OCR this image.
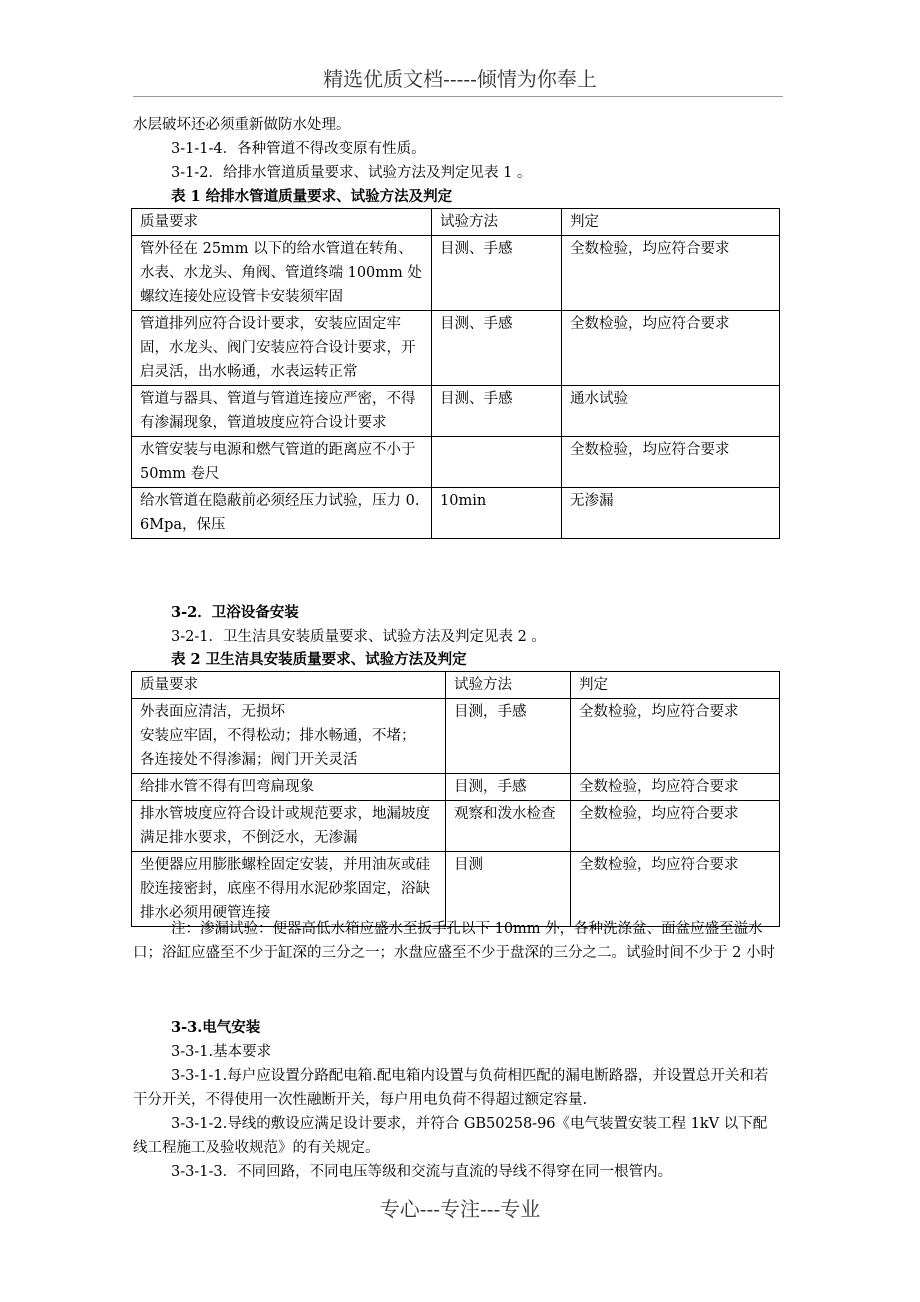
精选优质文档-----倾情为你奉上

水层破坏还必须重新做防水处理。

3-1-1-4．各种管道不得改变原有性质。

3-1-2．给排水管道质量要求、试验方法及判定见表 1 。

表 1 给排水管道质量要求、试验方法及判定
质量要求	试验方法	判定
管外径在 25mm 以下的给水管道在转角、水表、水龙头、角阀、管道终端 100mm 处螺纹连接处应设管卡安装须牢固	目测、手感	全数检验，均应符合要求
管道排列应符合设计要求，安装应固定牢固，水龙头、阀门安装应符合设计要求，开启灵活，出水畅通，水表运转正常	目测、手感	全数检验，均应符合要求
管道与器具、管道与管道连接应严密，不得有渗漏现象，管道坡度应符合设计要求	目测、手感	通水试验
水管安装与电源和燃气管道的距离应不小于 50mm 卷尺		全数检验，均应符合要求
给水管道在隐蔽前必须经压力试验，压力 0.6Mpa，保压	10min	无渗漏
3-2．卫浴设备安装

3-2-1．卫生洁具安装质量要求、试验方法及判定见表 2 。

表 2 卫生洁具安装质量要求、试验方法及判定
质量要求	试验方法	判定

外表面应清洁，无损坏
安装应牢固，不得松动；排水畅通，不堵；
各连接处不得渗漏；阀门开关灵活	目测，手感	全数检验，均应符合要求
给排水管不得有凹弯扁现象	目测，手感	全数检验，均应符合要求
排水管坡度应符合设计或规范要求，地漏坡度满足排水要求，不倒泛水，无渗漏	观察和泼水检查	全数检验，均应符合要求
坐便器应用膨胀螺栓固定安装，并用油灰或硅胶连接密封，底座不得用水泥砂浆固定，浴缺排水必须用硬管连接	目测	全数检验，均应符合要求

注：渗漏试验：便器高低水箱应盛水至扳手孔以下 10mm 外，各种洗涤盆、面盆应盛至溢水口；浴缸应盛至不少于缸深的三分之一；水盘应盛至不少于盘深的三分之二。试验时间不少于 2 小时

3-3.电气安装

3-3-1.基本要求

3-3-1-1.每户应设置分路配电箱.配电箱内设置与负荷相匹配的漏电断路器，并设置总开关和若干分开关，不得使用一次性融断开关，每户用电负荷不得超过额定容量.

3-3-1-2.导线的敷设应满足设计要求，并符合 GB50258-96《电气装置安装工程 1kV 以下配线工程施工及验收规范》的有关规定。

3-3-1-3．不同回路，不同电压等级和交流与直流的导线不得穿在同一根管内。

专心---专注---专业
